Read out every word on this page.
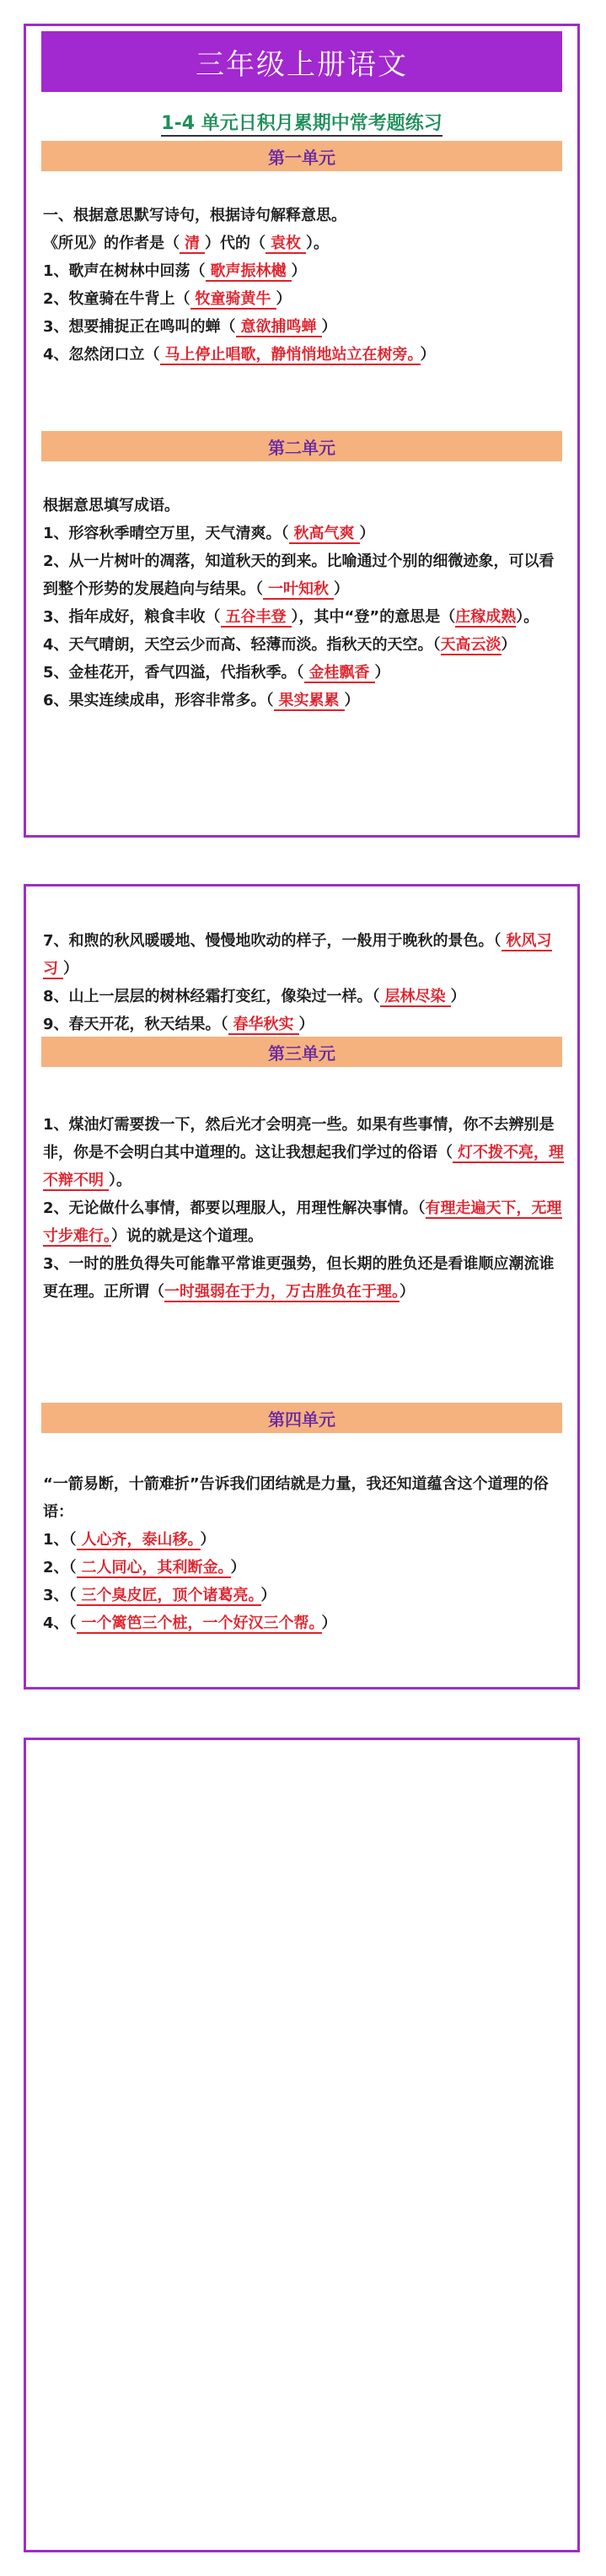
三年级上册语文
1-4 单元日积月累期中常考题练习
第一单元

一、根据意思默写诗句，根据诗句解释意思。

《所见》的作者是（ 清 ）代的（ 袁枚 ）。

1、歌声在树林中回荡（ 歌声振林樾 ）

2、牧童骑在牛背上（ 牧童骑黄牛 ）

3、想要捕捉正在鸣叫的蝉（ 意欲捕鸣蝉 ）

4、忽然闭口立（ 马上停止唱歌，静悄悄地站立在树旁。 ）

第二单元

根据意思填写成语。

1、形容秋季晴空万里，天气清爽。（ 秋高气爽 ）

2、从一片树叶的凋落，知道秋天的到来。比喻通过个别的细微迹象，可以看到整个形势的发展趋向与结果。（ 一叶知秋 ）

3、指年成好，粮食丰收（ 五谷丰登 ），其中“登”的意思是（庄稼成熟）。

4、天气晴朗，天空云少而高、轻薄而淡。指秋天的天空。（天高云淡）

5、金桂花开，香气四溢，代指秋季。（ 金桂飘香 ）

6、果实连续成串，形容非常多。（ 果实累累 ）

7、和煦的秋风暖暖地、慢慢地吹动的样子，一般用于晚秋的景色。（ 秋风习习 ）

8、山上一层层的树林经霜打变红，像染过一样。（ 层林尽染 ）

9、春天开花，秋天结果。（ 春华秋实 ）

第三单元

1、煤油灯需要拨一下，然后光才会明亮一些。如果有些事情，你不去辨别是非，你是不会明白其中道理的。这让我想起我们学过的俗语（ 灯不拨不亮，理不辩不明 ）。

2、无论做什么事情，都要以理服人，用理性解决事情。（有理走遍天下，无理寸步难行。）说的就是这个道理。

3、一时的胜负得失可能靠平常谁更强势，但长期的胜负还是看谁顺应潮流谁更在理。正所谓（一时强弱在于力，万古胜负在于理。）

第四单元

“一箭易断，十箭难折”告诉我们团结就是力量，我还知道蕴含这个道理的俗语：

1、（ 人心齐，泰山移。 ）

2、（ 二人同心，其利断金。 ）

3、（ 三个臭皮匠，顶个诸葛亮。 ）

4、（ 一个篱笆三个桩，一个好汉三个帮。 ）
